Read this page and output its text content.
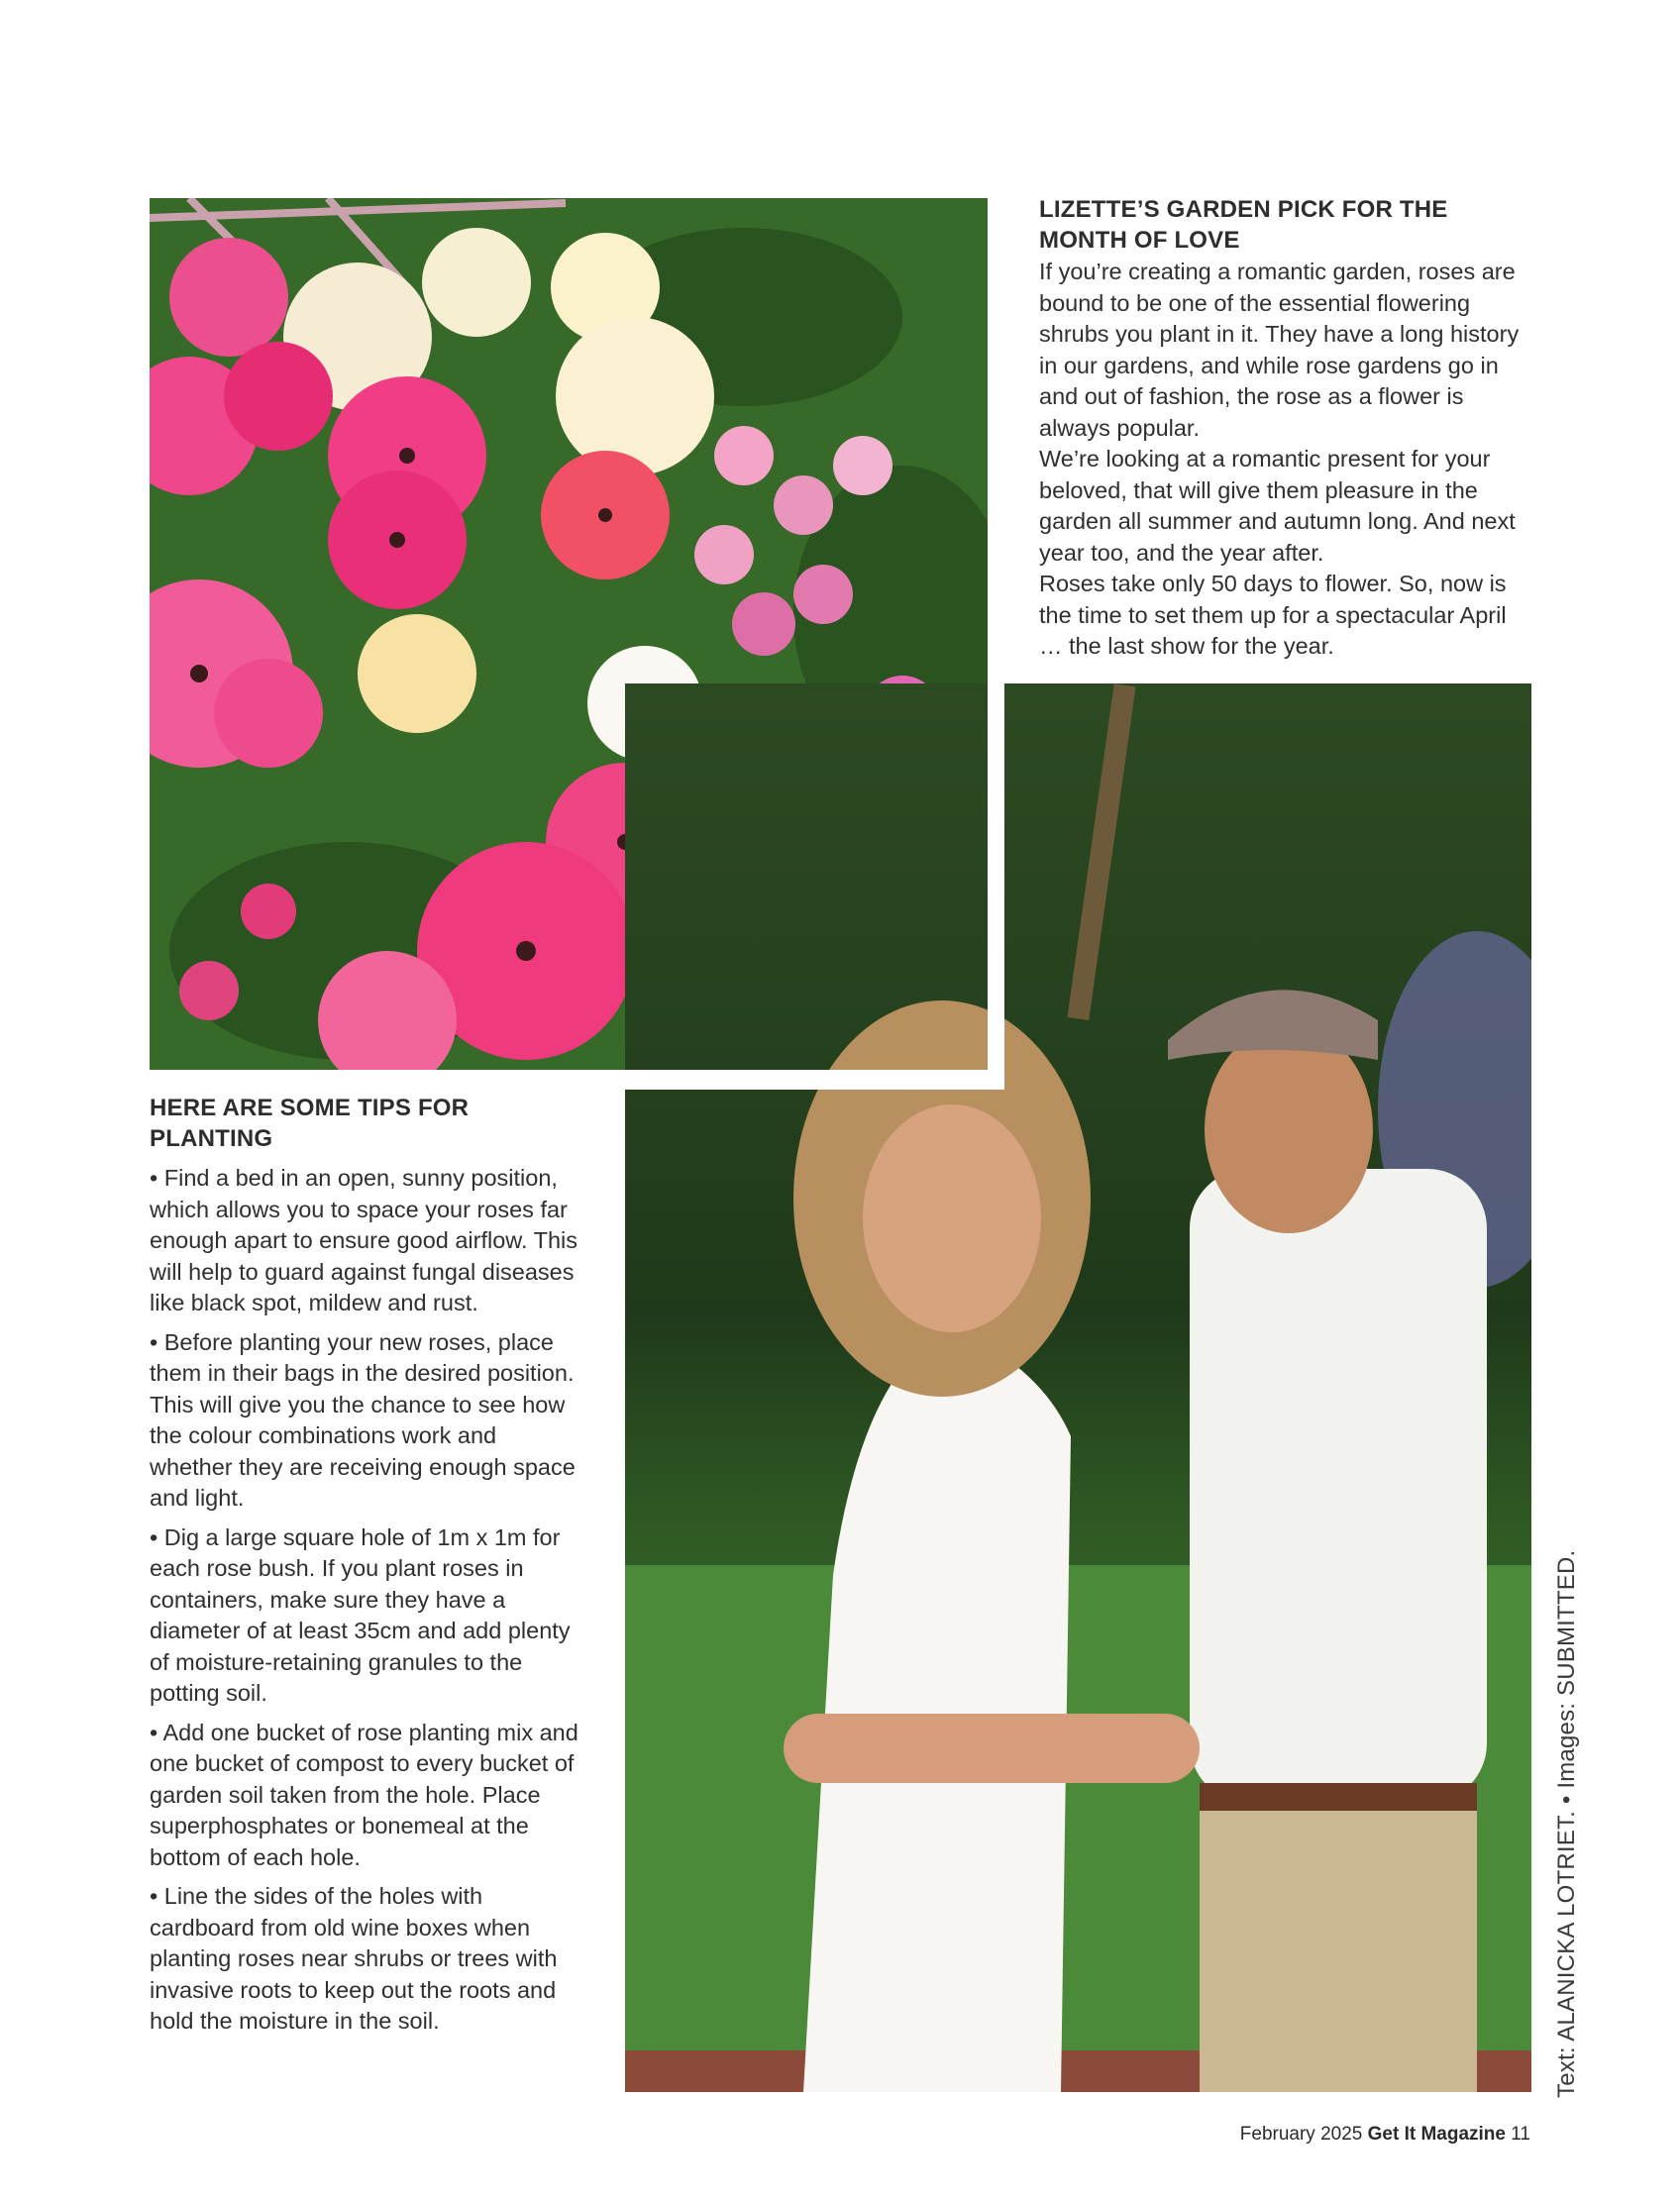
LIZETTE’S GARDEN PICK FOR THE MONTH OF LOVE

If you’re creating a romantic garden, roses are bound to be one of the essential flowering shrubs you plant in it. They have a long history in our gardens, and while rose gardens go in and out of fashion, the rose as a flower is always popular.

We’re looking at a romantic present for your beloved, that will give them pleasure in the garden all summer and autumn long. And next year too, and the year after.

Roses take only 50 days to flower. So, now is the time to set them up for a spectacular April … the last show for the year.

HERE ARE SOME TIPS FOR PLANTING

• Find a bed in an open, sunny position, which allows you to space your roses far enough apart to ensure good airflow. This will help to guard against fungal diseases like black spot, mildew and rust.

• Before planting your new roses, place them in their bags in the desired position. This will give you the chance to see how the colour combinations work and whether they are receiving enough space and light.

• Dig a large square hole of 1m x 1m for each rose bush. If you plant roses in containers, make sure they have a diameter of at least 35cm and add plenty of moisture-retaining granules to the potting soil.

• Add one bucket of rose planting mix and one bucket of compost to every bucket of garden soil taken from the hole. Place superphosphates or bonemeal at the bottom of each hole.

• Line the sides of the holes with cardboard from old wine boxes when planting roses near shrubs or trees with invasive roots to keep out the roots and hold the moisture in the soil.	Text: ALANICKA LOTRIET. • Images: SUBMITTED.
February 2025 Get It Magazine 11
